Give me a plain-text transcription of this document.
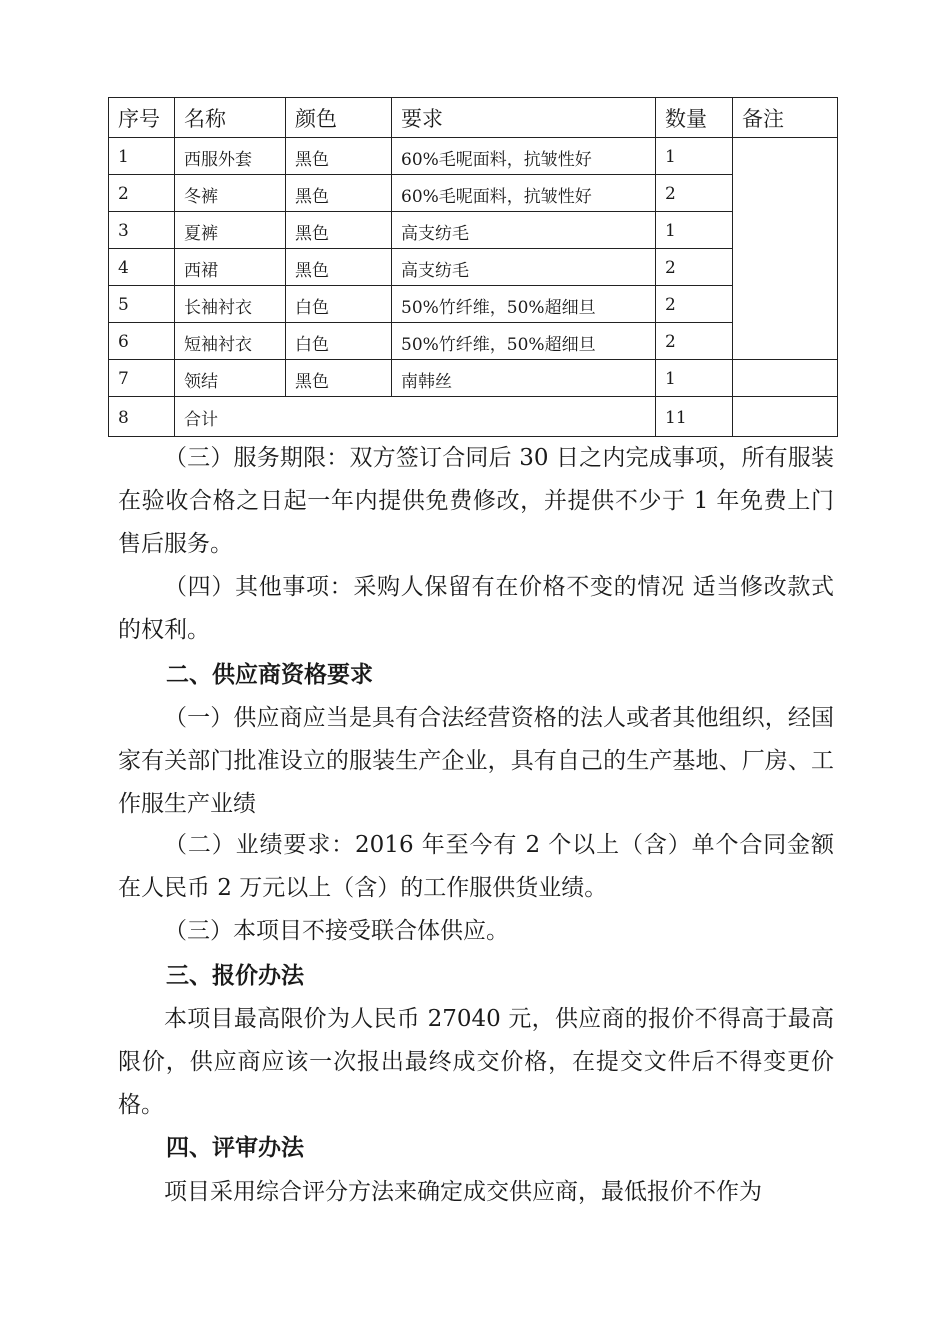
序号	名称	颜色	要求	数量	备注
1	西服外套	黑色	60%毛呢面料，抗皱性好	1	
2	冬裤	黑色	60%毛呢面料，抗皱性好	2	
3	夏裤	黑色	高支纺毛	1	
4	西裙	黑色	高支纺毛	2	
5	长袖衬衣	白色	50%竹纤维，50%超细旦	2	
6	短袖衬衣	白色	50%竹纤维，50%超细旦	2	
7	领结	黑色	南韩丝	1	
8	合计			11	

（三）服务期限：双方签订合同后 30 日之内完成事项，所有服装在验收合格之日起一年内提供免费修改，并提供不少于 1 年免费上门售后服务。

（四）其他事项：采购人保留有在价格不变的情况 适当修改款式的权利。

二、供应商资格要求

（一）供应商应当是具有合法经营资格的法人或者其他组织，经国家有关部门批准设立的服装生产企业，具有自己的生产基地、厂房、工作服生产业绩

（二）业绩要求：2016 年至今有 2 个以上（含）单个合同金额在人民币 2 万元以上（含）的工作服供货业绩。

（三）本项目不接受联合体供应。

三、报价办法

本项目最高限价为人民币 27040 元，供应商的报价不得高于最高限价，供应商应该一次报出最终成交价格，在提交文件后不得变更价格。

四、评审办法

项目采用综合评分方法来确定成交供应商，最低报价不作为
